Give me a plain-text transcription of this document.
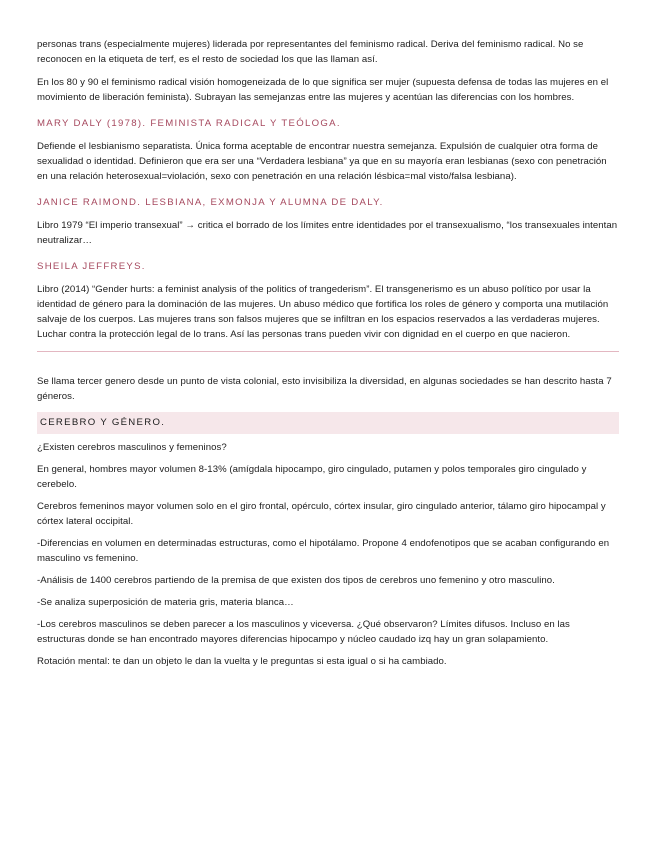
personas trans (especialmente mujeres) liderada por representantes del feminismo radical. Deriva del feminismo radical. No se reconocen en la etiqueta de terf, es el resto de sociedad los que las llaman así.

En los 80 y 90 el feminismo radical visión homogeneizada de lo que significa ser mujer (supuesta defensa de todas las mujeres en el movimiento de liberación feminista). Subrayan las semejanzas entre las mujeres y acentúan las diferencias con los hombres.

MARY DALY (1978). FEMINISTA RADICAL Y TEÓLOGA.

Defiende el lesbianismo separatista. Única forma aceptable de encontrar nuestra semejanza. Expulsión de cualquier otra forma de sexualidad o identidad. Definieron que era ser una “Verdadera lesbiana” ya que en su mayoría eran lesbianas (sexo con penetración en una relación heterosexual=violación, sexo con penetración en una relación lésbica=mal visto/falsa lesbiana).

JANICE RAIMOND. LESBIANA, EXMONJA Y ALUMNA DE DALY.

Libro 1979 “El imperio transexual” → critica el borrado de los límites entre identidades por el transexualismo, “los transexuales intentan neutralizar…

SHEILA JEFFREYS.

Libro (2014) “Gender hurts: a feminist analysis of the politics of trangederism”. El transgenerismo es un abuso político por usar la identidad de género para la dominación de las mujeres. Un abuso médico que fortifica los roles de género y comporta una mutilación salvaje de los cuerpos. Las mujeres trans son falsos mujeres que se infiltran en los espacios reservados a las verdaderas mujeres. Luchar contra la protección legal de lo trans. Así las personas trans pueden vivir con dignidad en el cuerpo en que nacieron.

Se llama tercer genero desde un punto de vista colonial, esto invisibiliza la diversidad, en algunas sociedades se han descrito hasta 7 géneros.

CEREBRO Y GÉNERO.

¿Existen cerebros masculinos y femeninos?

En general, hombres mayor volumen 8-13% (amígdala hipocampo, giro cingulado, putamen y polos temporales giro cingulado y cerebelo.

Cerebros femeninos mayor volumen solo en el giro frontal, opérculo, córtex insular, giro cingulado anterior, tálamo giro hipocampal y córtex lateral occipital.

-Diferencias en volumen en determinadas estructuras, como el hipotálamo. Propone 4 endofenotipos que se acaban configurando en masculino vs femenino.

-Análisis de 1400 cerebros partiendo de la premisa de que existen dos tipos de cerebros uno femenino y otro masculino.

-Se analiza superposición de materia gris, materia blanca…

-Los cerebros masculinos se deben parecer a los masculinos y viceversa. ¿Qué observaron? Límites difusos. Incluso en las estructuras donde se han encontrado mayores diferencias hipocampo y núcleo caudado izq hay un gran solapamiento.

Rotación mental: te dan un objeto le dan la vuelta y le preguntas si esta igual o si ha cambiado.
